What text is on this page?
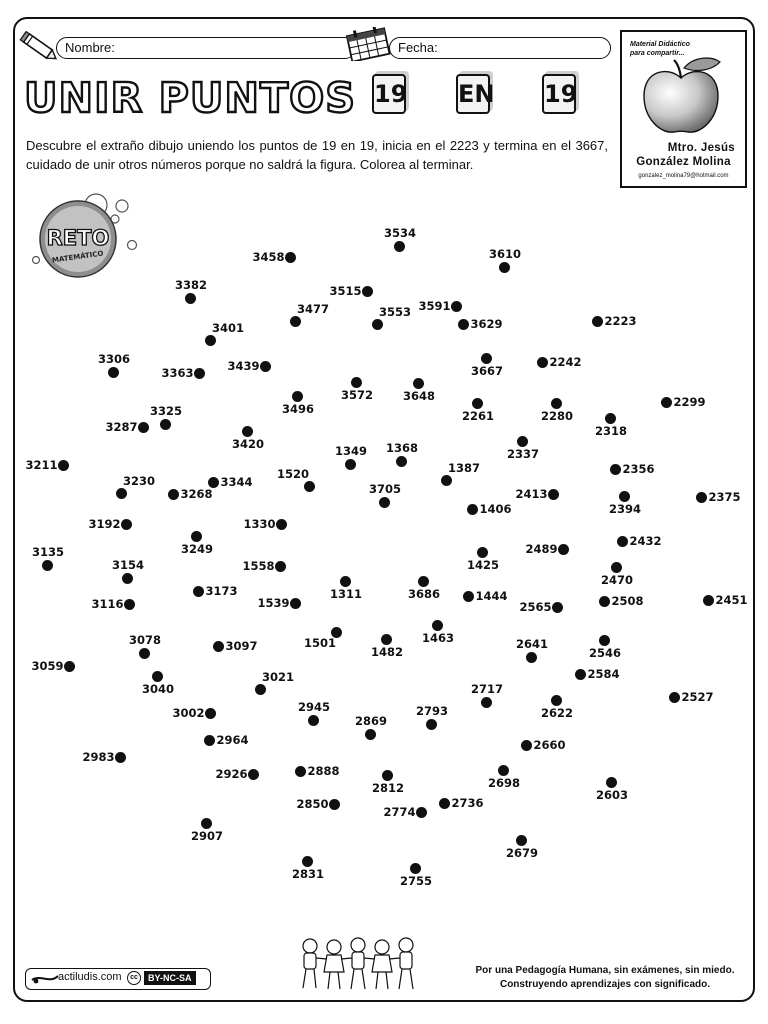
Nombre:	Fecha:
UNIR PUNTOS 19 EN 19
Descubre el extraño dibujo uniendo los puntos de 19 en 19, inicia en el 2223 y termina en el 3667, cuidado de unir otros números porque no saldrá la figura. Colorea al terminar.
Material Didáctico
para compartir...
Mtro. Jesús
González Molina
gonzalez_molina79@hotmail.com
RETO
MATEMÁTICO
3534
3458	3610
3515
3382
3477	3591
3553
3629	2223
3401
3306
3363	3439	3667
2242
3572	3648
3496	2299
3325
3287
2261	2280
2318
3420
2337
1349 1368
3211	1387	2356
1520
3230	3344	3705
3268	2413
2394
2375
1406
1330
3192
2432
3249	2489
1425
3135
1558
2470
3154
1311	3686
3173
2508	2451
1444
3116	1539	2565
1463
3078	3097	1501
1482
2641
2546
3059
3040
2584
3021
2717
2527
3002	2945	2622
2793
2869
2964	2660
2983
2926	2888
2812	2698
2603
2850	2736
2774
2907
2679
2831	2755
actiludis.com	cc	BY-NC-SA
Por una Pedagogía Humana, sin exámenes, sin miedo.
Construyendo aprendizajes con significado.
